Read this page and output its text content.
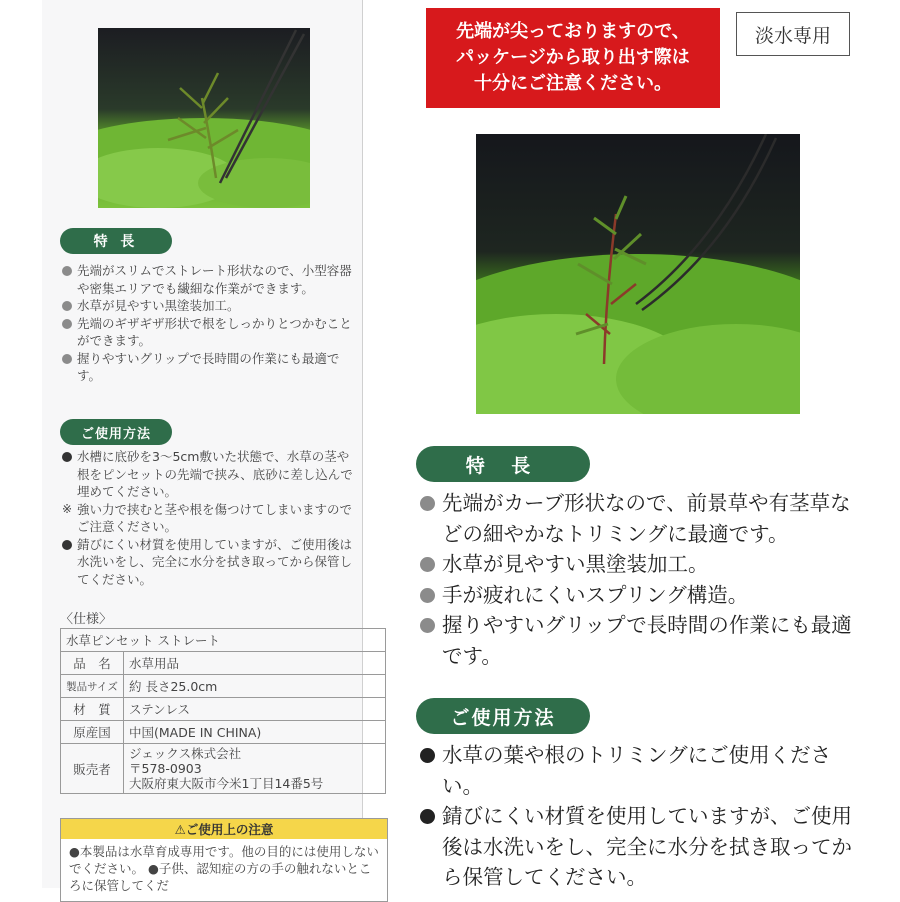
特 長
先端がスリムでストレート形状なので、小型容器や密集エリアでも繊細な作業ができます。
水草が見やすい黒塗装加工。
先端のギザギザ形状で根をしっかりとつかむことができます。
握りやすいグリップで長時間の作業にも最適です。
ご使用方法
水槽に底砂を3〜5cm敷いた状態で、水草の茎や根をピンセットの先端で挟み、底砂に差し込んで埋めてください。
※ 強い力で挟むと茎や根を傷つけてしまいますのでご注意ください。
錆びにくい材質を使用していますが、ご使用後は水洗いをし、完全に水分を拭き取ってから保管してください。
〈仕様〉
水草ピンセット ストレート	
品　名	水草用品
製品サイズ	約 長さ25.0cm
材　質	ステンレス
原産国	中国(MADE IN CHINA)
販売者	ジェックス株式会社
〒578-0903
大阪府東大阪市今米1丁目14番5号
⚠ご使用上の注意
●本製品は水草育成専用です。他の目的には使用しないでください。 ●子供、認知症の方の手の触れないところに保管してくだ
先端が尖っておりますので、
パッケージから取り出す際は
十分にご注意ください。
淡水専用
特 長
先端がカーブ形状なので、前景草や有茎草などの細やかなトリミングに最適です。
水草が見やすい黒塗装加工。
手が疲れにくいスプリング構造。
握りやすいグリップで長時間の作業にも最適です。
ご使用方法
水草の葉や根のトリミングにご使用ください。
錆びにくい材質を使用していますが、ご使用後は水洗いをし、完全に水分を拭き取ってから保管してください。
